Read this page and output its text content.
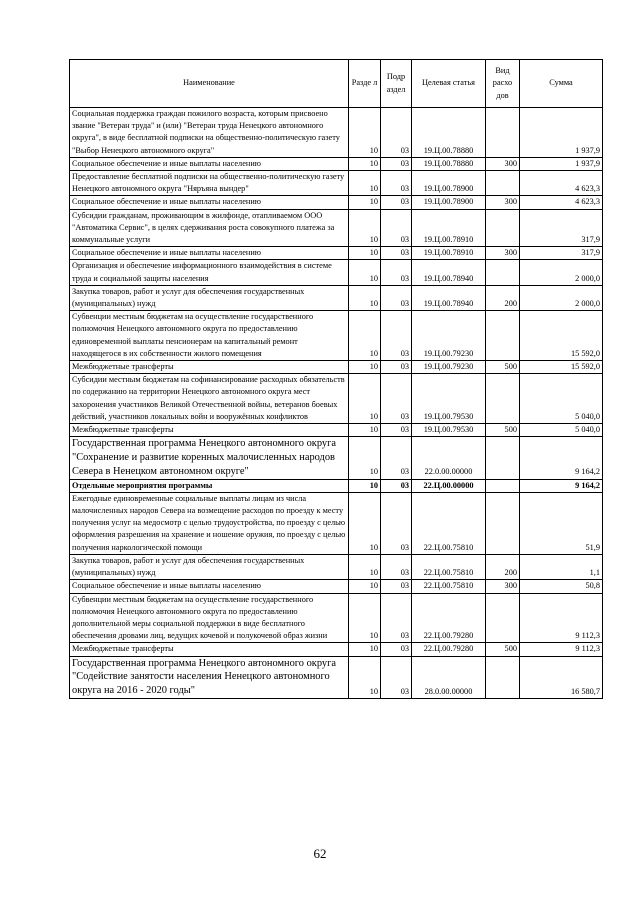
Наименование	Разде л	Подр аздел	Целевая статья	Вид расхо дов	Сумма
Социальная поддержка граждан пожилого возраста, которым присвоено звание "Ветеран труда" и (или) "Ветеран труда Ненецкого автономного округа", в виде бесплатной подписки на общественно-политическую газету "Выбор Ненецкого автономного округа"	10	03	19.Ц.00.78880		1 937,9
Социальное обеспечение и иные выплаты населению	10	03	19.Ц.00.78880	300	1 937,9
Предоставление бесплатной подписки на общественно-политическую газету Ненецкого автономного округа "Няръяна вындер"	10	03	19.Ц.00.78900		4 623,3
Социальное обеспечение и иные выплаты населению	10	03	19.Ц.00.78900	300	4 623,3
Субсидии гражданам, проживающим в жилфонде, отапливаемом ООО "Автоматика Сервис", в целях сдерживания роста совокупного платежа за коммунальные услуги	10	03	19.Ц.00.78910		317,9
Социальное обеспечение и иные выплаты населению	10	03	19.Ц.00.78910	300	317,9
Организация и обеспечение информационного взаимодействия в системе труда и социальной защиты населения	10	03	19.Ц.00.78940		2 000,0
Закупка товаров, работ и услуг для обеспечения государственных (муниципальных) нужд	10	03	19.Ц.00.78940	200	2 000,0
Субвенции местным бюджетам на осуществление государственного полномочия Ненецкого автономного округа по предоставлению единовременной выплаты пенсионерам на капитальный ремонт находящегося в их собственности жилого помещения	10	03	19.Ц.00.79230		15 592,0
Межбюджетные трансферты	10	03	19.Ц.00.79230	500	15 592,0
Субсидии местным бюджетам на софинансирование расходных обязательств по содержанию на территории Ненецкого автономного округа мест захоронения участников Великой Отечественной войны, ветеранов боевых действий, участников локальных войн и вооружённых конфликтов	10	03	19.Ц.00.79530		5 040,0
Межбюджетные трансферты	10	03	19.Ц.00.79530	500	5 040,0
Государственная программа Ненецкого автономного округа "Сохранение и развитие коренных малочисленных народов Севера в Ненецком автономном округе"	10	03	22.0.00.00000		9 164,2
Отдельные мероприятия программы	10	03	22.Ц.00.00000		9 164,2
Ежегодные единовременные социальные выплаты лицам из числа малочисленных народов Севера на возмещение расходов по проезду к месту получения услуг на медосмотр с целью трудоустройства, по проезду с целью оформления разрешения на хранение и ношение оружия, по проезду с целью получения наркологической помощи	10	03	22.Ц.00.75810		51,9
Закупка товаров, работ и услуг для обеспечения государственных (муниципальных) нужд	10	03	22.Ц.00.75810	200	1,1
Социальное обеспечение и иные выплаты населению	10	03	22.Ц.00.75810	300	50,8
Субвенции местным бюджетам на осуществление государственного полномочия Ненецкого автономного округа по предоставлению дополнительной меры социальной поддержки в виде бесплатного обеспечения дровами лиц, ведущих кочевой и полукочевой образ жизни	10	03	22.Ц.00.79280		9 112,3
Межбюджетные трансферты	10	03	22.Ц.00.79280	500	9 112,3
Государственная программа Ненецкого автономного округа "Содействие занятости населения Ненецкого автономного округа на 2016 - 2020 годы"	10	03	28.0.00.00000		16 580,7
62
